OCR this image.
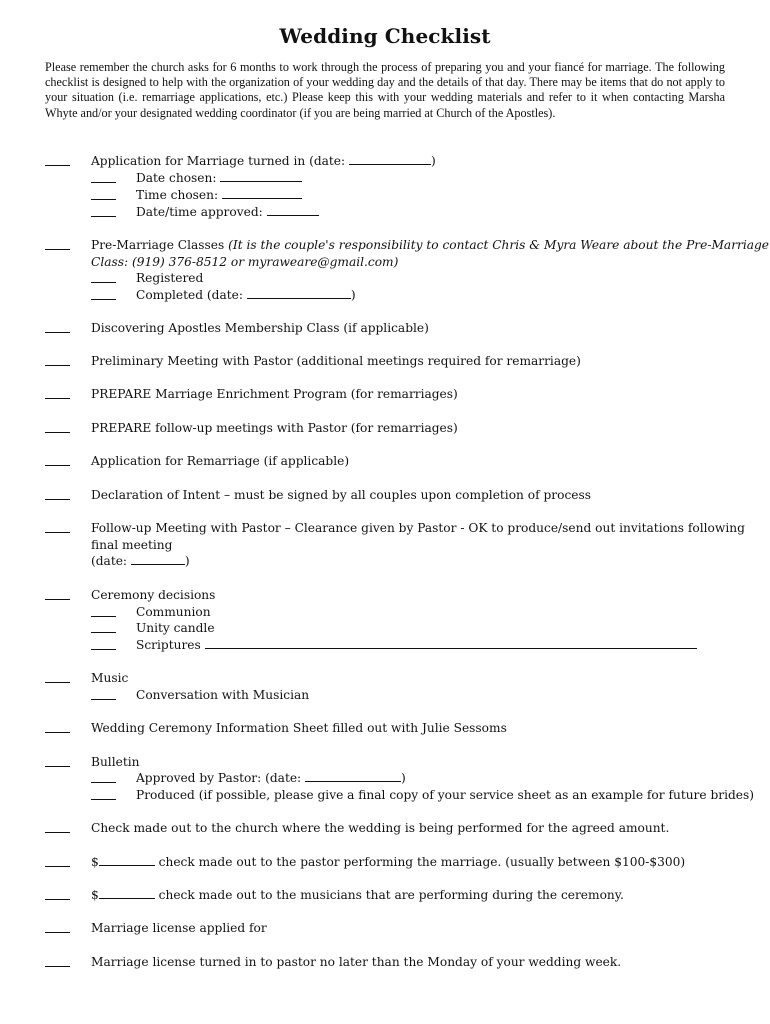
Wedding Checklist
Please remember the church asks for 6 months to work through the process of preparing you and your fiancé for marriage. The following checklist is designed to help with the organization of your wedding day and the details of that day. There may be items that do not apply to your situation (i.e. remarriage applications, etc.) Please keep this with your wedding materials and refer to it when contacting Marsha Whyte and/or your designated wedding coordinator (if you are being married at Church of the Apostles).
Application for Marriage turned in (date:	)
Date chosen:
Time chosen:
Date/time approved:
Pre-Marriage Classes (It is the couple's responsibility to contact Chris & Myra Weare about the Pre-Marriage
Class: (919) 376-8512 or myraweare@gmail.com)
Registered
Completed (date:	)
Discovering Apostles Membership Class (if applicable)
Preliminary Meeting with Pastor (additional meetings required for remarriage)
PREPARE Marriage Enrichment Program (for remarriages)
PREPARE follow-up meetings with Pastor (for remarriages)
Application for Remarriage (if applicable)
Declaration of Intent – must be signed by all couples upon completion of process
Follow-up Meeting with Pastor – Clearance given by Pastor - OK to produce/send out invitations following
final meeting
(date:	)
Ceremony decisions
Communion
Unity candle
Scriptures
Music
Conversation with Musician
Wedding Ceremony Information Sheet filled out with Julie Sessoms
Bulletin
Approved by Pastor: (date:	)
Produced (if possible, please give a final copy of your service sheet as an example for future brides)
Check made out to the church where the wedding is being performed for the agreed amount.
$	check made out to the pastor performing the marriage. (usually between $100-$300)
$	check made out to the musicians that are performing during the ceremony.
Marriage license applied for
Marriage license turned in to pastor no later than the Monday of your wedding week.
